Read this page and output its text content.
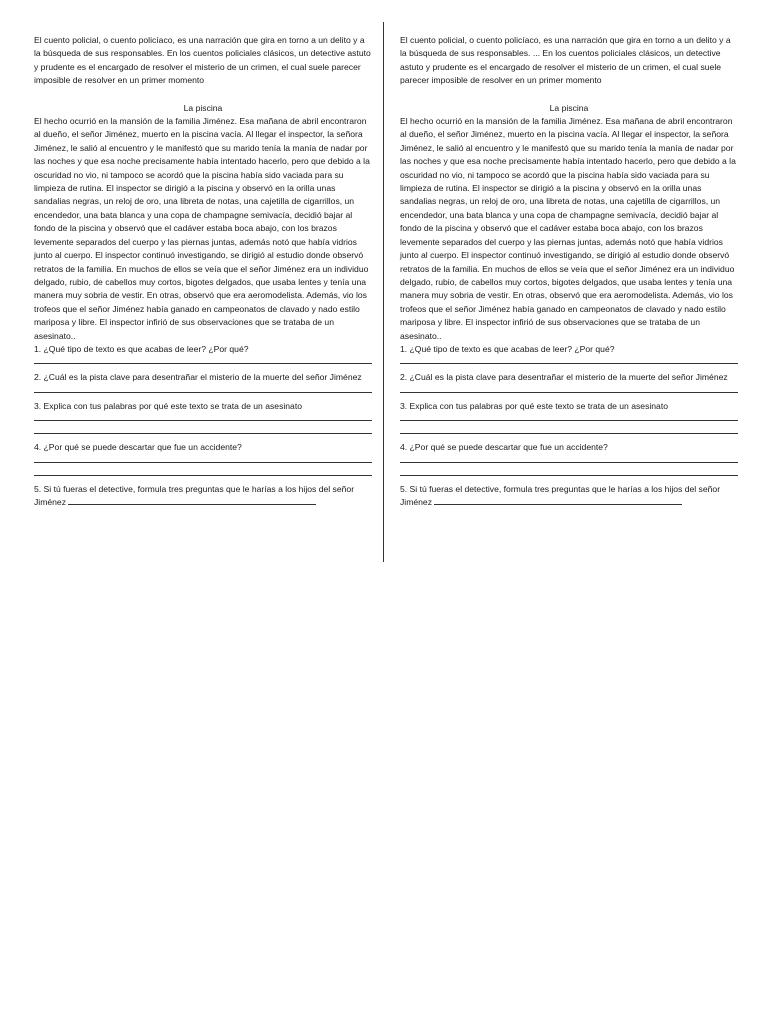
El cuento policial, o cuento policíaco, es una narración que gira en torno a un delito y a la búsqueda de sus responsables. En los cuentos policiales clásicos, un detective astuto y prudente es el encargado de resolver el misterio de un crimen, el cual suele parecer imposible de resolver en un primer momento

La piscina

El hecho ocurrió en la mansión de la familia Jiménez. Esa mañana de abril encontraron al dueño, el señor Jiménez, muerto en la piscina vacía. Al llegar el inspector, la señora Jiménez, le salió al encuentro y le manifestó que su marido tenía la manía de nadar por las noches y que esa noche precisamente había intentado hacerlo, pero que debido a la oscuridad no vio, ni tampoco se acordó que la piscina había sido vaciada para su limpieza de rutina. El inspector se dirigió a la piscina y observó en la orilla unas sandalias negras, un reloj de oro, una libreta de notas, una cajetilla de cigarrillos, un encendedor, una bata blanca y una copa de champagne semivacía, decidió bajar al fondo de la piscina y observó que el cadáver estaba boca abajo, con los brazos levemente separados del cuerpo y las piernas juntas, además notó que había vidrios junto al cuerpo. El inspector continuó investigando, se dirigió al estudio donde observó retratos de la familia. En muchos de ellos se veía que el señor Jiménez era un individuo delgado, rubio, de cabellos muy cortos, bigotes delgados, que usaba lentes y tenía una manera muy sobria de vestir. En otras, observó que era aeromodelista. Además, vio los trofeos que el señor Jiménez había ganado en campeonatos de clavado y nado estilo mariposa y libre. El inspector infirió de sus observaciones que se trataba de un asesinato..

1. ¿Qué tipo de texto es que acabas de leer? ¿Por qué?

2. ¿Cuál es la pista clave para desentrañar el misterio de la muerte del señor Jiménez

3. Explica con tus palabras por qué este texto se trata de un asesinato

4. ¿Por qué se puede descartar que fue un accidente?

5. Si tú fueras el detective, formula tres preguntas que le harías a los hijos del señor Jiménez

El cuento policial, o cuento policíaco, es una narración que gira en torno a un delito y a la búsqueda de sus responsables. ... En los cuentos policiales clásicos, un detective astuto y prudente es el encargado de resolver el misterio de un crimen, el cual suele parecer imposible de resolver en un primer momento

La piscina

El hecho ocurrió en la mansión de la familia Jiménez. Esa mañana de abril encontraron al dueño, el señor Jiménez, muerto en la piscina vacía. Al llegar el inspector, la señora Jiménez, le salió al encuentro y le manifestó que su marido tenía la manía de nadar por las noches y que esa noche precisamente había intentado hacerlo, pero que debido a la oscuridad no vio, ni tampoco se acordó que la piscina había sido vaciada para su limpieza de rutina. El inspector se dirigió a la piscina y observó en la orilla unas sandalias negras, un reloj de oro, una libreta de notas, una cajetilla de cigarrillos, un encendedor, una bata blanca y una copa de champagne semivacía, decidió bajar al fondo de la piscina y observó que el cadáver estaba boca abajo, con los brazos levemente separados del cuerpo y las piernas juntas, además notó que había vidrios junto al cuerpo. El inspector continuó investigando, se dirigió al estudio donde observó retratos de la familia. En muchos de ellos se veía que el señor Jiménez era un individuo delgado, rubio, de cabellos muy cortos, bigotes delgados, que usaba lentes y tenía una manera muy sobria de vestir. En otras, observó que era aeromodelista. Además, vio los trofeos que el señor Jiménez había ganado en campeonatos de clavado y nado estilo mariposa y libre. El inspector infirió de sus observaciones que se trataba de un asesinato..

1. ¿Qué tipo de texto es que acabas de leer? ¿Por qué?

2. ¿Cuál es la pista clave para desentrañar el misterio de la muerte del señor Jiménez

3. Explica con tus palabras por qué este texto se trata de un asesinato

4. ¿Por qué se puede descartar que fue un accidente?

5. Si tú fueras el detective, formula tres preguntas que le harías a los hijos del señor Jiménez
